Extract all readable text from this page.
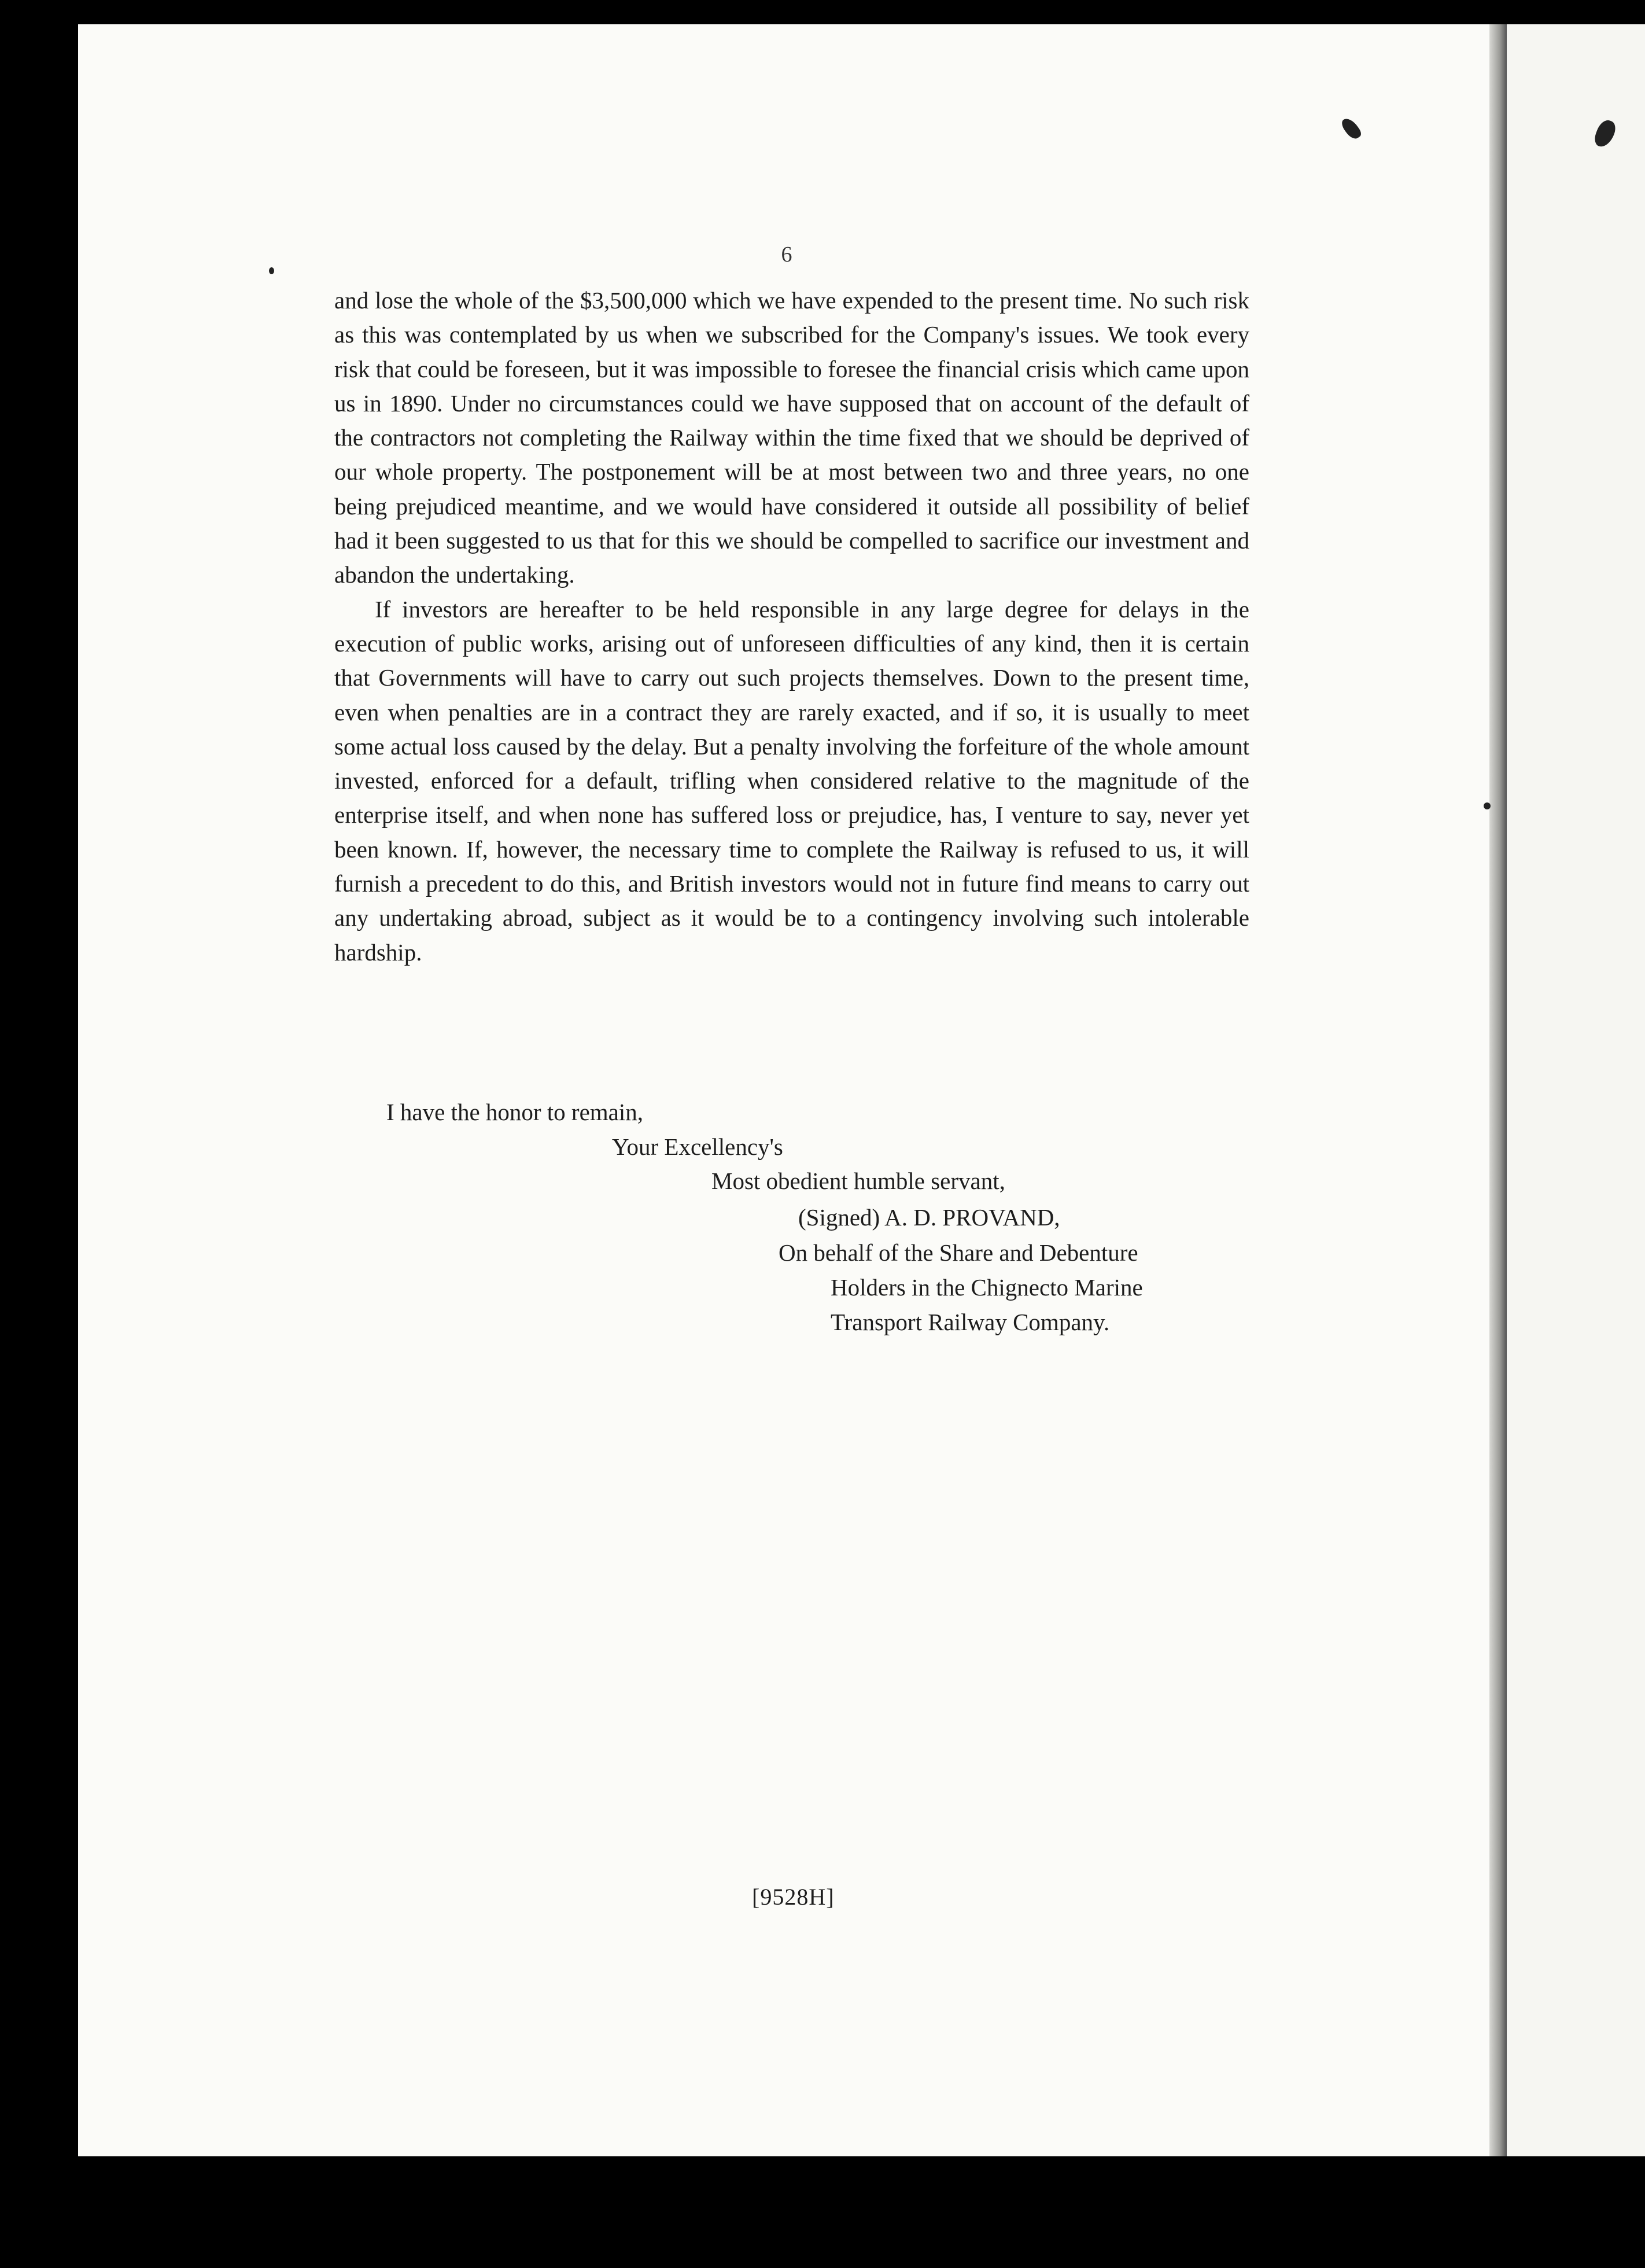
6

and lose the whole of the $3,500,000 which we have expended to the present time. No such risk as this was contemplated by us when we subscribed for the Company's issues. We took every risk that could be foreseen, but it was impossible to foresee the financial crisis which came upon us in 1890. Under no circumstances could we have supposed that on account of the default of the contractors not completing the Railway within the time fixed that we should be deprived of our whole property. The postponement will be at most between two and three years, no one being prejudiced meantime, and we would have considered it outside all possibility of belief had it been suggested to us that for this we should be compelled to sacrifice our investment and abandon the undertaking.

If investors are hereafter to be held responsible in any large degree for delays in the execution of public works, arising out of unforeseen difficulties of any kind, then it is certain that Governments will have to carry out such projects themselves. Down to the present time, even when penalties are in a contract they are rarely exacted, and if so, it is usually to meet some actual loss caused by the delay. But a penalty involving the forfeiture of the whole amount invested, enforced for a default, trifling when considered relative to the magnitude of the enterprise itself, and when none has suffered loss or prejudice, has, I venture to say, never yet been known. If, however, the necessary time to complete the Railway is refused to us, it will furnish a precedent to do this, and British investors would not in future find means to carry out any undertaking abroad, subject as it would be to a contingency involving such intolerable hardship.

I have the honor to remain,
Your Excellency's
Most obedient humble servant,
(Signed) A. D. PROVAND,
On behalf of the Share and Debenture
Holders in the Chignecto Marine
Transport Railway Company.
[9528H]
